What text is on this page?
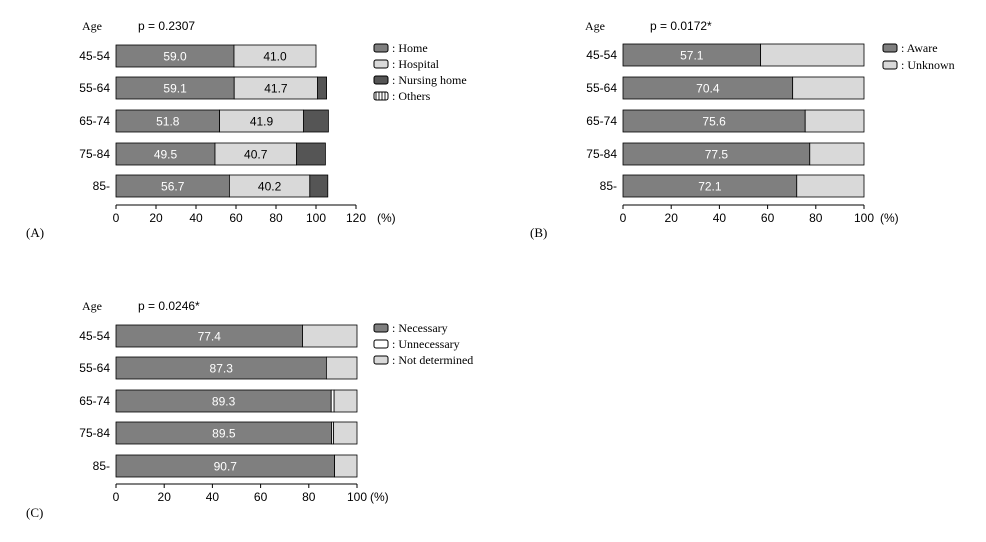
Age	p = 0.2307
45-54	59.0	41.0
55-64	59.1	41.7
65-74	51.8	41.9
75-84	49.5	40.7
85-	56.7	40.2
0 20 40 60 80 100 120 (%)
(A)
: Home
: Hospital
: Nursing home
: Others
Age	p = 0.0172*
45-54	57.1
55-64	70.4
65-74	75.6
75-84	77.5
85-	72.1
0	20	40	60	80	100 (%)
(B)
: Aware
: Unknown
Age	p = 0.0246*
45-54	77.4
55-64	87.3
65-74	89.3
75-84	89.5
85-	90.7
0	20	40	60	80	100 (%)
(C)
: Necessary
: Unnecessary
: Not determined
